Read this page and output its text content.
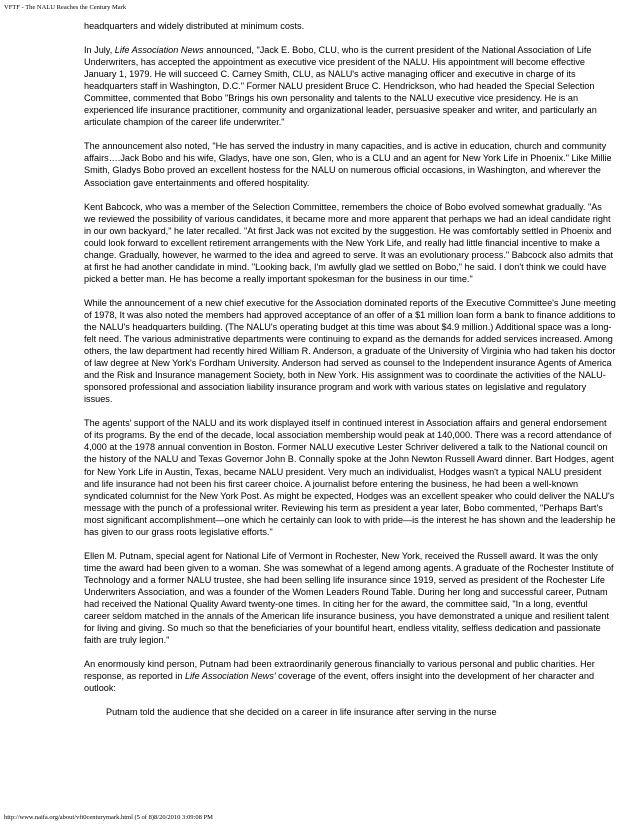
VFTF - The NALU Reaches the Century Mark

headquarters and widely distributed at minimum costs.

In July, Life Association News announced, "Jack E. Bobo, CLU, who is the current president of the National Association of Life Underwriters, has accepted the appointment as executive vice president of the NALU. His appointment will become effective January 1, 1979. He will succeed C. Carney Smith, CLU, as NALU's active managing officer and executive in charge of its headquarters staff in Washington, D.C." Former NALU president Bruce C. Hendrickson, who had headed the Special Selection Committee, commented that Bobo "Brings his own personality and talents to the NALU executive vice presidency. He is an experienced life insurance practitioner, community and organizational leader, persuasive speaker and writer, and particularly an articulate champion of the career life underwriter."

The announcement also noted, "He has served the industry in many capacities, and is active in education, church and community affairs….Jack Bobo and his wife, Gladys, have one son, Glen, who is a CLU and an agent for New York Life in Phoenix." Like Millie Smith, Gladys Bobo proved an excellent hostess for the NALU on numerous official occasions, in Washington, and wherever the Association gave entertainments and offered hospitality.

Kent Babcock, who was a member of the Selection Committee, remembers the choice of Bobo evolved somewhat gradually. "As we reviewed the possibility of various candidates, it became more and more apparent that perhaps we had an ideal candidate right in our own backyard," he later recalled. "At first Jack was not excited by the suggestion. He was comfortably settled in Phoenix and could look forward to excellent retirement arrangements with the New York Life, and really had little financial incentive to make a change. Gradually, however, he warmed to the idea and agreed to serve. It was an evolutionary process." Babcock also admits that at first he had another candidate in mind. "Looking back, I'm awfully glad we settled on Bobo," he said. I don't think we could have picked a better man. He has become a really important spokesman for the business in our time."

While the announcement of a new chief executive for the Association dominated reports of the Executive Committee's June meeting of 1978, It was also noted the members had approved acceptance of an offer of a $1 million loan form a bank to finance additions to the NALU's headquarters building. (The NALU's operating budget at this time was about $4.9 million.) Additional space was a long-felt need. The various administrative departments were continuing to expand as the demands for added services increased. Among others, the law department had recently hired William R. Anderson, a graduate of the University of Virginia who had taken his doctor of law degree at New York's Fordham University. Anderson had served as counsel to the Independent insurance Agents of America and the Risk and Insurance management Society, both in New York. His assignment was to coordinate the activities of the NALU-sponsored professional and association liability insurance program and work with various states on legislative and regulatory issues.

The agents' support of the NALU and its work displayed itself in continued interest in Association affairs and general endorsement of its programs. By the end of the decade, local association membership would peak at 140,000. There was a record attendance of 4,000 at the 1978 annual convention in Boston. Former NALU executive Lester Schriver delivered a talk to the National council on the history of the NALU and Texas Governor John B. Connally spoke at the John Newton Russell Award dinner. Bart Hodges, agent for New York Life in Austin, Texas, became NALU president. Very much an individualist, Hodges wasn't a typical NALU president and life insurance had not been his first career choice. A journalist before entering the business, he had been a well-known syndicated columnist for the New York Post. As might be expected, Hodges was an excellent speaker who could deliver the NALU's message with the punch of a professional writer. Reviewing his term as president a year later, Bobo commented, "Perhaps Bart's most significant accomplishment—one which he certainly can look to with pride—is the interest he has shown and the leadership he has given to our grass roots legislative efforts."

Ellen M. Putnam, special agent for National Life of Vermont in Rochester, New York, received the Russell award. It was the only time the award had been given to a woman. She was somewhat of a legend among agents. A graduate of the Rochester Institute of Technology and a former NALU trustee, she had been selling life insurance since 1919, served as president of the Rochester Life Underwriters Association, and was a founder of the Women Leaders Round Table. During her long and successful career, Putnam had received the National Quality Award twenty-one times. In citing her for the award, the committee said, "In a long, eventful career seldom matched in the annals of the American life insurance business, you have demonstrated a unique and resilient talent for living and giving. So much so that the beneficiaries of your bountiful heart, endless vitality, selfless dedication and passionate faith are truly legion."

An enormously kind person, Putnam had been extraordinarily generous financially to various personal and public charities. Her response, as reported in Life Association News' coverage of the event, offers insight into the development of her character and outlook:

Putnam told the audience that she decided on a career in life insurance after serving in the nurse

http://www.naifa.org/about/vft0centurymark.html (5 of 8)8/20/2010 3:09:08 PM
